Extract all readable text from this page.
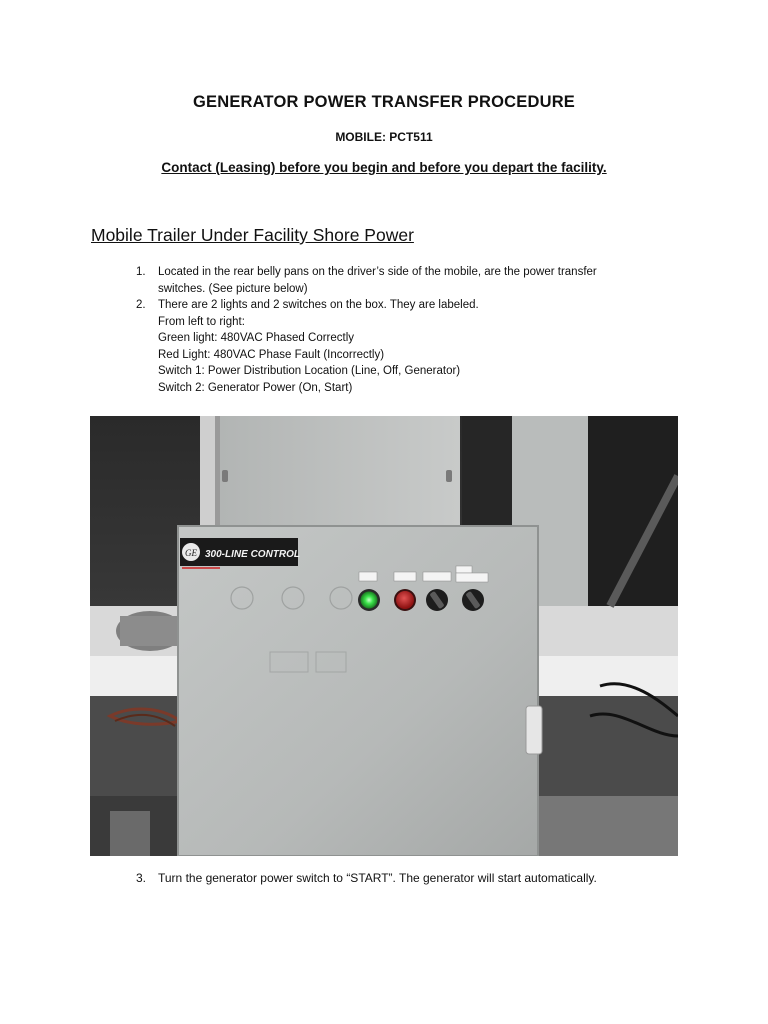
GENERATOR POWER TRANSFER PROCEDURE
MOBILE: PCT511
Contact (Leasing) before you begin and before you depart the facility.
Mobile Trailer Under Facility Shore Power
1.	Located in the rear belly pans on the driver’s side of the mobile, are the power transfer
switches. (See picture below)
2.	There are 2 lights and 2 switches on the box. They are labeled.
From left to right:
Green light: 480VAC Phased Correctly
Red Light: 480VAC Phase Fault (Incorrectly)
Switch 1: Power Distribution Location (Line, Off, Generator)
Switch 2: Generator Power (On, Start)
GE 300-LINE CONTROL
3. Turn the generator power switch to “START”. The generator will start automatically.
